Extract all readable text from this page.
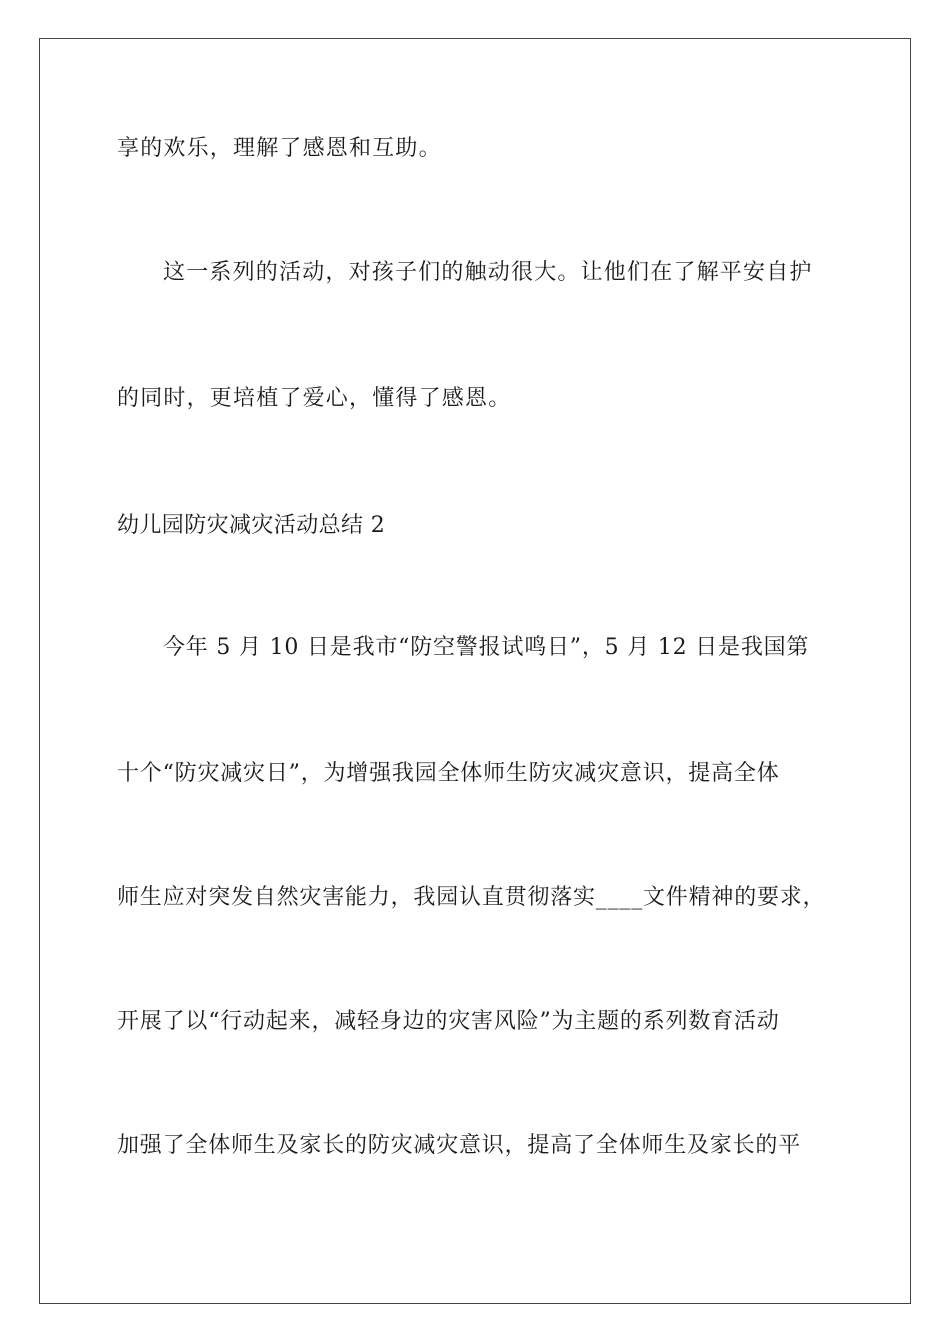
享的欢乐，理解了感恩和互助。
这一系列的活动，对孩子们的触动很大。让他们在了解平安自护
的同时，更培植了爱心，懂得了感恩。
幼儿园防灾减灾活动总结 2
今年 5 月 10 日是我市“防空警报试鸣日”，5 月 12 日是我国第
十个“防灾减灾日”，为增强我园全体师生防灾减灾意识，提高全体
师生应对突发自然灾害能力，我园认直贯彻落实____文件精神的要求，
开展了以“行动起来，减轻身边的灾害风险”为主题的系列数育活动
加强了全体师生及家长的防灾减灾意识，提高了全体师生及家长的平
